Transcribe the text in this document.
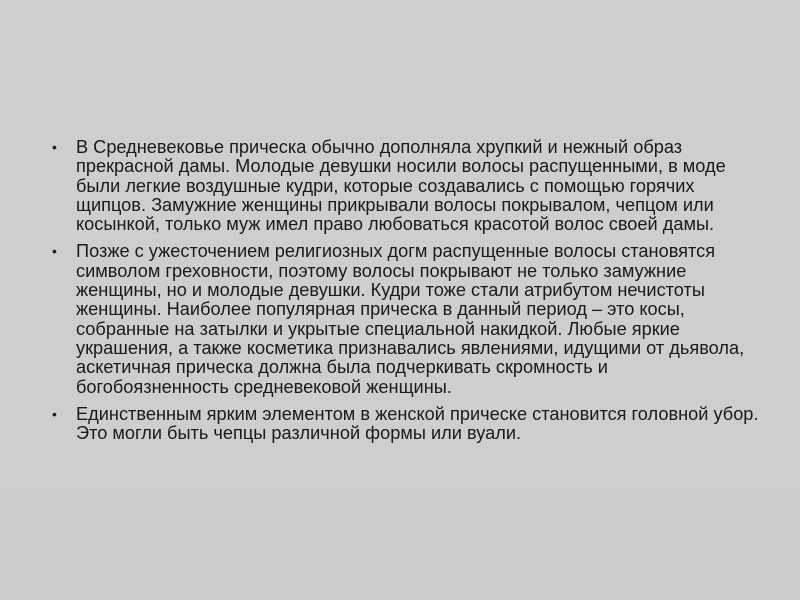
• В Средневековье прическа обычно дополняла хрупкий и нежный образ прекрасной дамы. Молодые девушки носили волосы распущенными, в моде были легкие воздушные кудри, которые создавались с помощью горячих щипцов. Замужние женщины прикрывали волосы покрывалом, чепцом или косынкой, только муж имел право любоваться красотой волос своей дамы.
• Позже с ужесточением религиозных догм распущенные волосы становятся символом греховности, поэтому волосы покрывают не только замужние женщины, но и молодые девушки. Кудри тоже стали атрибутом нечистоты женщины. Наиболее популярная прическа в данный период – это косы, собранные на затылки и укрытые специальной накидкой. Любые яркие украшения, а также косметика признавались явлениями, идущими от дьявола, аскетичная прическа должна была подчеркивать скромность и богобоязненность средневековой женщины.
• Единственным ярким элементом в женской прическе становится головной убор. Это могли быть чепцы различной формы или вуали.
